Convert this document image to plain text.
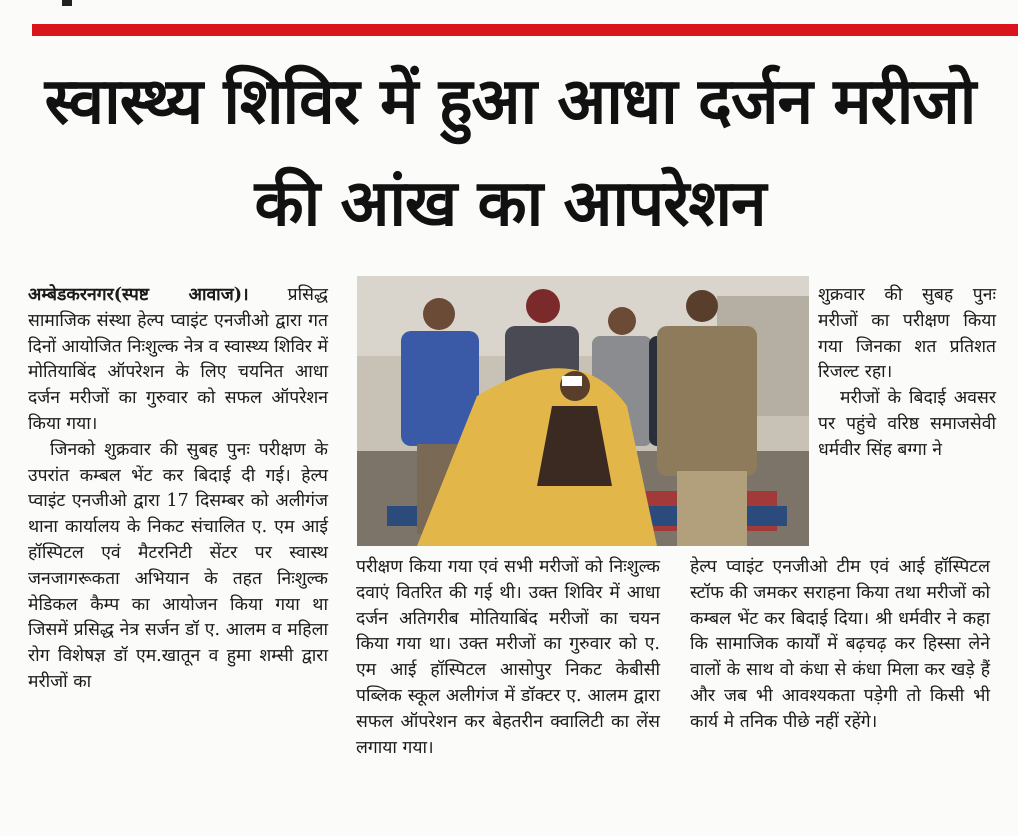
स्वास्थ्य शिविर में हुआ आधा दर्जन मरीजो
की आंख का आपरेशन

अम्बेडकरनगर(स्पष्ट आवाज)। प्रसिद्ध सामाजिक संस्था हेल्प प्वाइंट एनजीओ द्वारा गत दिनों आयोजित निःशुल्क नेत्र व स्वास्थ्य शिविर में मोतियाबिंद ऑपरेशन के लिए चयनित आधा दर्जन मरीजों का गुरुवार को सफल ऑपरेशन किया गया।

जिनको शुक्रवार की सुबह पुनः परीक्षण के उपरांत कम्बल भेंट कर बिदाई दी गई। हेल्प प्वाइंट एनजीओ द्वारा 17 दिसम्बर को अलीगंज थाना कार्यालय के निकट संचालित ए. एम आई हॉस्पिटल एवं मैटरनिटी सेंटर पर स्वास्थ जनजागरूकता अभियान के तहत निःशुल्क मेडिकल कैम्प का आयोजन किया गया था जिसमें प्रसिद्ध नेत्र सर्जन डॉ ए. आलम व महिला रोग विशेषज्ञ डॉ एम.खातून व हुमा शम्सी द्वारा मरीजों का

शुक्रवार की सुबह पुनः मरीजों का परीक्षण किया गया जिनका शत प्रतिशत रिजल्ट रहा।

मरीजों के बिदाई अवसर पर पहुंचे वरिष्ठ समाजसेवी धर्मवीर सिंह बग्गा ने

परीक्षण किया गया एवं सभी मरीजों को निःशुल्क दवाएं वितरित की गई थी। उक्त शिविर में आधा दर्जन अतिगरीब मोतियाबिंद मरीजों का चयन किया गया था। उक्त मरीजों का गुरुवार को ए. एम आई हॉस्पिटल आसोपुर निकट केबीसी पब्लिक स्कूल अलीगंज में डॉक्टर ए. आलम द्वारा सफल ऑपरेशन कर बेहतरीन क्वालिटी का लेंस लगाया गया।

हेल्प प्वाइंट एनजीओ टीम एवं आई हॉस्पिटल स्टॉफ की जमकर सराहना किया तथा मरीजों को कम्बल भेंट कर बिदाई दिया। श्री धर्मवीर ने कहा कि सामाजिक कार्यों में बढ़चढ़ कर हिस्सा लेने वालों के साथ वो कंधा से कंधा मिला कर खड़े हैं और जब भी आवश्यकता पड़ेगी तो किसी भी कार्य मे तनिक पीछे नहीं रहेंगे।
